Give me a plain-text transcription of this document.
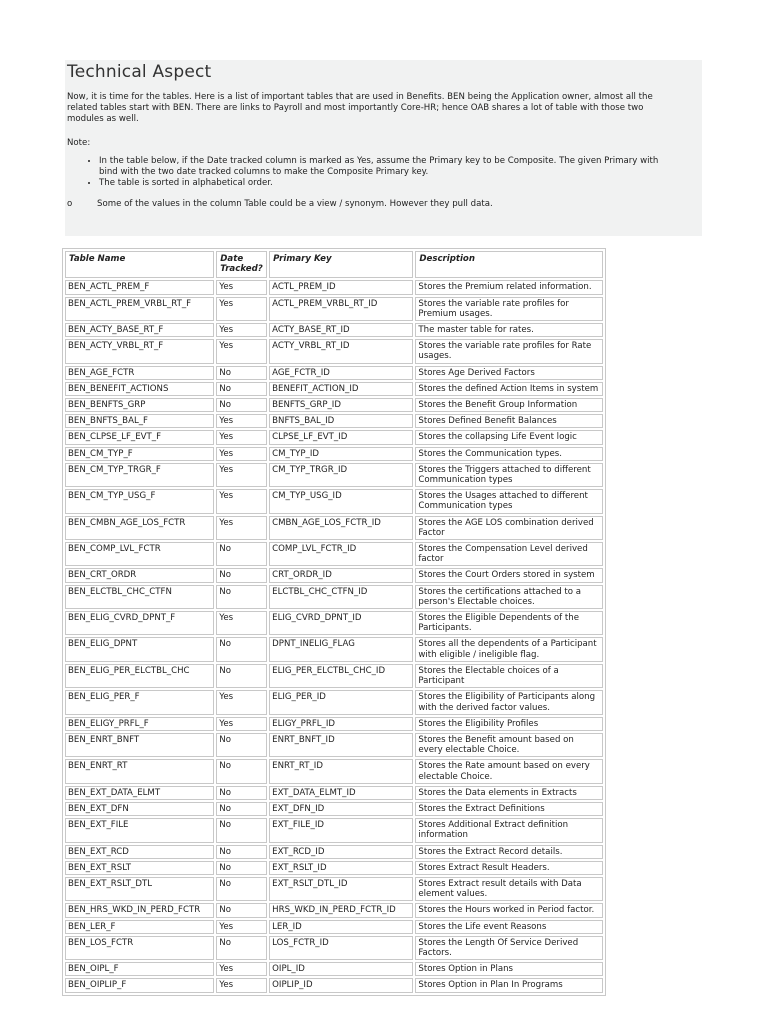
Technical Aspect
Now, it is time for the tables. Here is a list of important tables that are used in Benefits. BEN being the Application owner, almost all the
related tables start with BEN. There are links to Payroll and most importantly Core-HR; hence OAB shares a lot of table with those two
modules as well.
Note:
• In the table below, if the Date tracked column is marked as Yes, assume the Primary key to be Composite. The given Primary with
bind with the two date tracked columns to make the Composite Primary key.
• The table is sorted in alphabetical order.
o	Some of the values in the column Table could be a view / synonym. However they pull data.
Table Name	Date Tracked?	Primary Key	Description
BEN_ACTL_PREM_F	Yes	ACTL_PREM_ID	Stores the Premium related information.
BEN_ACTL_PREM_VRBL_RT_F	Yes	ACTL_PREM_VRBL_RT_ID	Stores the variable rate profiles for Premium usages.
BEN_ACTY_BASE_RT_F	Yes	ACTY_BASE_RT_ID	The master table for rates.
BEN_ACTY_VRBL_RT_F	Yes	ACTY_VRBL_RT_ID	Stores the variable rate profiles for Rate usages.
BEN_AGE_FCTR	No	AGE_FCTR_ID	Stores Age Derived Factors
BEN_BENEFIT_ACTIONS	No	BENEFIT_ACTION_ID	Stores the defined Action Items in system
BEN_BENFTS_GRP	No	BENFTS_GRP_ID	Stores the Benefit Group Information
BEN_BNFTS_BAL_F	Yes	BNFTS_BAL_ID	Stores Defined Benefit Balances
BEN_CLPSE_LF_EVT_F	Yes	CLPSE_LF_EVT_ID	Stores the collapsing Life Event logic
BEN_CM_TYP_F	Yes	CM_TYP_ID	Stores the Communication types.
BEN_CM_TYP_TRGR_F	Yes	CM_TYP_TRGR_ID	Stores the Triggers attached to different Communication types
BEN_CM_TYP_USG_F	Yes	CM_TYP_USG_ID	Stores the Usages attached to different Communication types
BEN_CMBN_AGE_LOS_FCTR	Yes	CMBN_AGE_LOS_FCTR_ID	Stores the AGE LOS combination derived Factor
BEN_COMP_LVL_FCTR	No	COMP_LVL_FCTR_ID	Stores the Compensation Level derived factor
BEN_CRT_ORDR	No	CRT_ORDR_ID	Stores the Court Orders stored in system
BEN_ELCTBL_CHC_CTFN	No	ELCTBL_CHC_CTFN_ID	Stores the certifications attached to a person's Electable choices.
BEN_ELIG_CVRD_DPNT_F	Yes	ELIG_CVRD_DPNT_ID	Stores the Eligible Dependents of the Participants.
BEN_ELIG_DPNT	No	DPNT_INELIG_FLAG	Stores all the dependents of a Participant with eligible / ineligible flag.
BEN_ELIG_PER_ELCTBL_CHC	No	ELIG_PER_ELCTBL_CHC_ID	Stores the Electable choices of a Participant
BEN_ELIG_PER_F	Yes	ELIG_PER_ID	Stores the Eligibility of Participants along with the derived factor values.
BEN_ELIGY_PRFL_F	Yes	ELIGY_PRFL_ID	Stores the Eligibility Profiles
BEN_ENRT_BNFT	No	ENRT_BNFT_ID	Stores the Benefit amount based on every electable Choice.
BEN_ENRT_RT	No	ENRT_RT_ID	Stores the Rate amount based on every electable Choice.
BEN_EXT_DATA_ELMT	No	EXT_DATA_ELMT_ID	Stores the Data elements in Extracts
BEN_EXT_DFN	No	EXT_DFN_ID	Stores the Extract Definitions
BEN_EXT_FILE	No	EXT_FILE_ID	Stores Additional Extract definition information
BEN_EXT_RCD	No	EXT_RCD_ID	Stores the Extract Record details.
BEN_EXT_RSLT	No	EXT_RSLT_ID	Stores Extract Result Headers.
BEN_EXT_RSLT_DTL	No	EXT_RSLT_DTL_ID	Stores Extract result details with Data element values.
BEN_HRS_WKD_IN_PERD_FCTR	No	HRS_WKD_IN_PERD_FCTR_ID	Stores the Hours worked in Period factor.
BEN_LER_F	Yes	LER_ID	Stores the Life event Reasons
BEN_LOS_FCTR	No	LOS_FCTR_ID	Stores the Length Of Service Derived Factors.
BEN_OIPL_F	Yes	OIPL_ID	Stores Option in Plans
BEN_OIPLIP_F	Yes	OIPLIP_ID	Stores Option in Plan In Programs
